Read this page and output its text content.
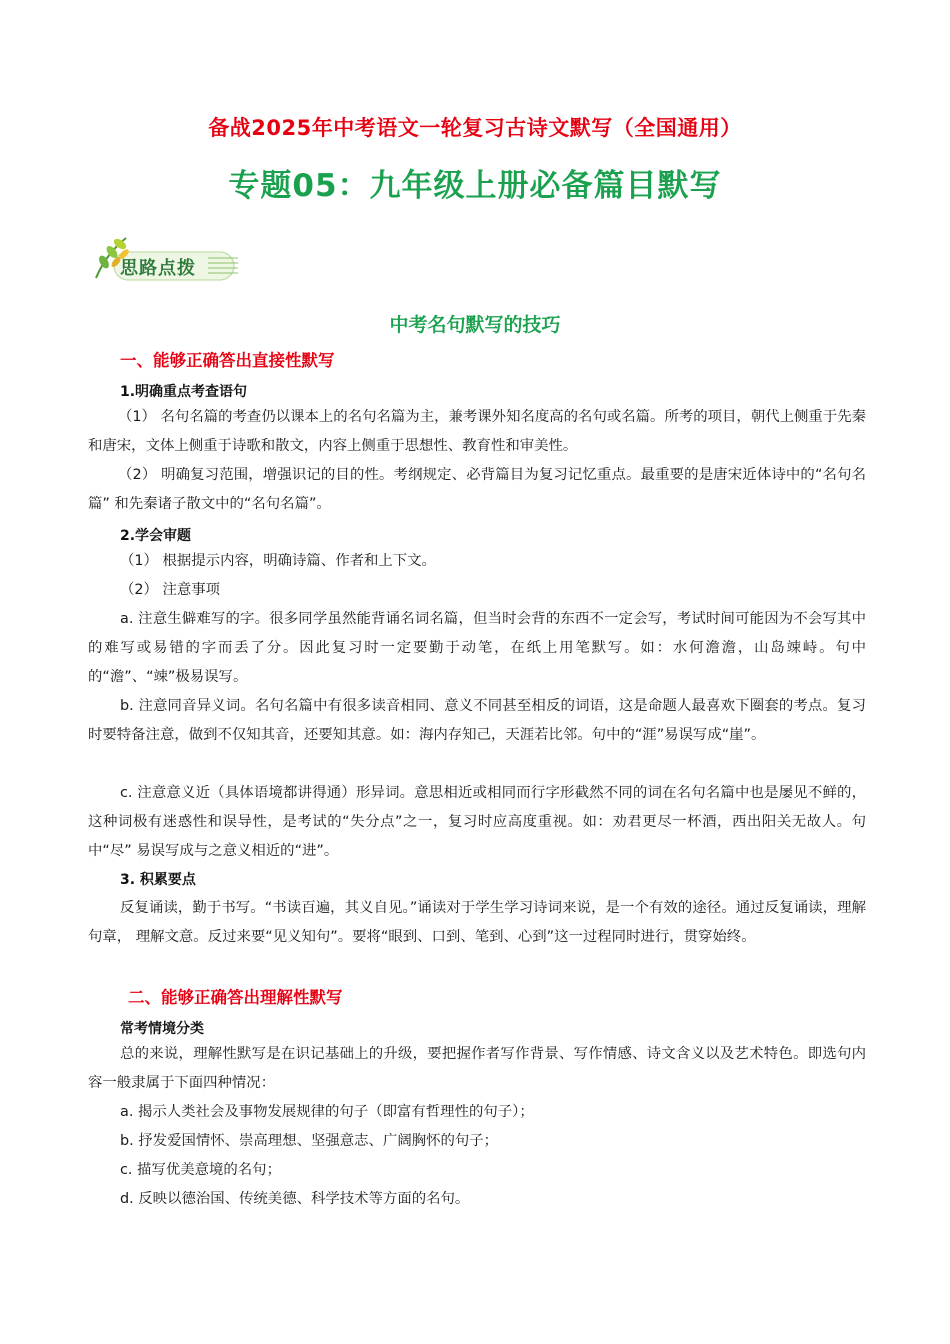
备战2025年中考语文一轮复习古诗文默写（全国通用）
专题05：九年级上册必备篇目默写
思路点拨
中考名句默写的技巧
一、能够正确答出直接性默写
1.明确重点考查语句
（1） 名句名篇的考查仍以课本上的名句名篇为主，兼考课外知名度高的名句或名篇。所考的项目，朝代上侧重于先秦和唐宋，文体上侧重于诗歌和散文，内容上侧重于思想性、教育性和审美性。
（2） 明确复习范围，增强识记的目的性。考纲规定、必背篇目为复习记忆重点。最重要的是唐宋近体诗中的“名句名篇” 和先秦诸子散文中的“名句名篇”。
2.学会审题
（1） 根据提示内容，明确诗篇、作者和上下文。
（2） 注意事项
a. 注意生僻难写的字。很多同学虽然能背诵名词名篇，但当时会背的东西不一定会写，考试时间可能因为不会写其中的难写或易错的字而丢了分。因此复习时一定要勤于动笔，在纸上用笔默写。如：水何澹澹，山岛竦峙。句中的“澹”、“竦”极易误写。
b. 注意同音异义词。名句名篇中有很多读音相同、意义不同甚至相反的词语，这是命题人最喜欢下圈套的考点。复习时要特备注意，做到不仅知其音，还要知其意。如：海内存知己，天涯若比邻。句中的“涯”易误写成“崖”。
c. 注意意义近（具体语境都讲得通）形异词。意思相近或相同而行字形截然不同的词在名句名篇中也是屡见不鲜的，这种词极有迷惑性和误导性，是考试的“失分点”之一，复习时应高度重视。如：劝君更尽一杯酒，西出阳关无故人。句中“尽” 易误写成与之意义相近的“进”。
3. 积累要点
反复诵读，勤于书写。“书读百遍，其义自见。”诵读对于学生学习诗词来说，是一个有效的途径。通过反复诵读，理解句章， 理解文意。反过来要“见义知句”。要将“眼到、口到、笔到、心到”这一过程同时进行，贯穿始终。
二、能够正确答出理解性默写
常考情境分类
总的来说，理解性默写是在识记基础上的升级，要把握作者写作背景、写作情感、诗文含义以及艺术特色。即选句内容一般隶属于下面四种情况：
a. 揭示人类社会及事物发展规律的句子（即富有哲理性的句子）；
b. 抒发爱国情怀、崇高理想、坚强意志、广阔胸怀的句子；
c. 描写优美意境的名句；
d. 反映以德治国、传统美德、科学技术等方面的名句。
